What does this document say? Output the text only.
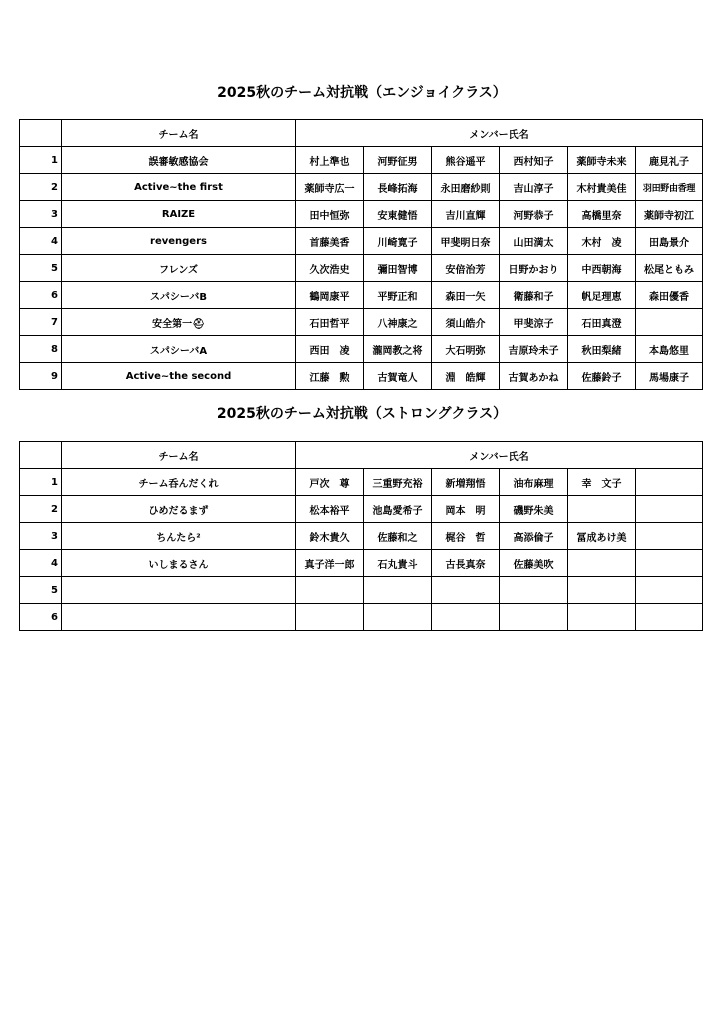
2025秋のチーム対抗戦（エンジョイクラス）
	チーム名	メンバー氏名					
1	誤審敏感協会	村上準也	河野征男	熊谷遥平	西村知子	薬師寺未来	鹿見礼子
2	Active~the first	薬師寺広一	長峰拓海	永田磨紗則	吉山淳子	木村貴美佳	羽田野由香理
3	RAIZE	田中恒弥	安東健悟	吉川直輝	河野恭子	高橋里奈	薬師寺初江
4	revengers	首藤美香	川崎寛子	甲斐明日奈	山田満太	木村　凌	田島景介
5	フレンズ	久次浩史	彌田智博	安倍治芳	日野かおり	中西朝海	松尾ともみ
6	スパシーバB	鶴岡康平	平野正和	森田一矢	衛藤和子	帆足理恵	森田優香
7	安全第一⛑	石田哲平	八神康之	須山皓介	甲斐涼子	石田真澄	
8	スパシーバA	西田　凌	瀧岡教之将	大石明弥	吉原玲未子	秋田梨緒	本島悠里
9	Active~the second	江藤　勲	古賀竜人	淵　皓輝	古賀あかね	佐藤鈴子	馬場康子
2025秋のチーム対抗戦（ストロングクラス）
	チーム名	メンバー氏名					
1	チーム呑んだくれ	戸次　尊	三重野充裕	新増翔悟	油布麻理	幸　文子	
2	ひめだるまず	松本裕平	池島愛希子	岡本　明	磯野朱美		
3	ちんたら²	鈴木貴久	佐藤和之	梶谷　哲	高添倫子	冨成あけ美	
4	いしまるさん	真子洋一郎	石丸貴斗	古長真奈	佐藤美吹		
5							
6							
